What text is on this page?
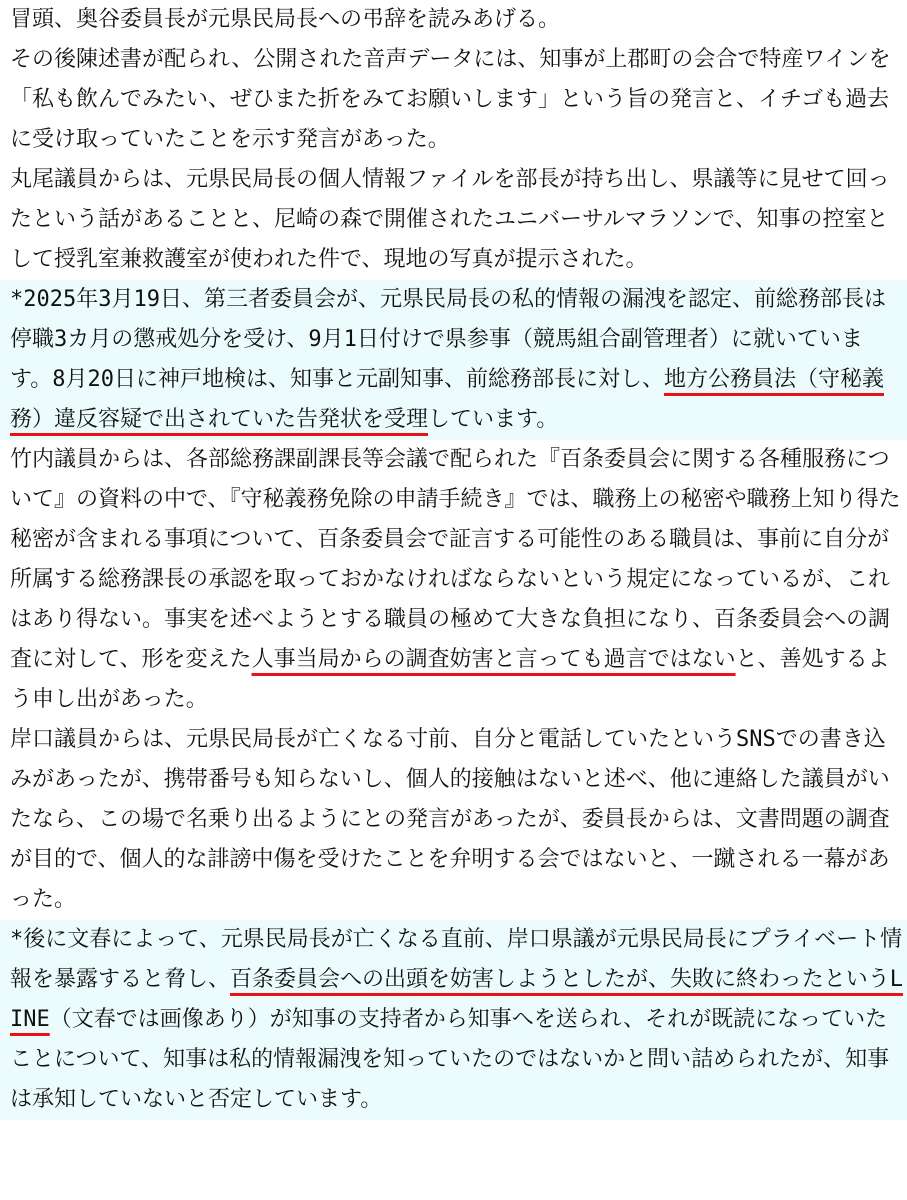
冒頭、奥谷委員長が元県民局長への弔辞を読みあげる。
その後陳述書が配られ、公開された音声データには、知事が上郡町の会合で特産ワインを「私も飲んでみたい、ぜひまた折をみてお願いします」という旨の発言と、イチゴも過去に受け取っていたことを示す発言があった。
丸尾議員からは、元県民局長の個人情報ファイルを部長が持ち出し、県議等に見せて回ったという話があることと、尼崎の森で開催されたユニバーサルマラソンで、知事の控室として授乳室兼救護室が使われた件で、現地の写真が提示された。
*2025年3月19日、第三者委員会が、元県民局長の私的情報の漏洩を認定、前総務部長は停職3カ月の懲戒処分を受け、9月1日付けで県参事（競馬組合副管理者）に就いています。8月20日に神戸地検は、知事と元副知事、前総務部長に対し、地方公務員法（守秘義務）違反容疑で出されていた告発状を受理しています。
竹内議員からは、各部総務課副課長等会議で配られた『百条委員会に関する各種服務について』の資料の中で、『守秘義務免除の申請手続き』では、職務上の秘密や職務上知り得た秘密が含まれる事項について、百条委員会で証言する可能性のある職員は、事前に自分が所属する総務課長の承認を取っておかなければならないという規定になっているが、これはあり得ない。事実を述べようとする職員の極めて大きな負担になり、百条委員会への調査に対して、形を変えた人事当局からの調査妨害と言っても過言ではないと、善処するよう申し出があった。
岸口議員からは、元県民局長が亡くなる寸前、自分と電話していたというSNSでの書き込みがあったが、携帯番号も知らないし、個人的接触はないと述べ、他に連絡した議員がいたなら、この場で名乗り出るようにとの発言があったが、委員長からは、文書問題の調査が目的で、個人的な誹謗中傷を受けたことを弁明する会ではないと、一蹴される一幕があった。
*後に文春によって、元県民局長が亡くなる直前、岸口県議が元県民局長にプライベート情報を暴露すると脅し、百条委員会への出頭を妨害しようとしたが、失敗に終わったというLINE（文春では画像あり）が知事の支持者から知事へを送られ、それが既読になっていたことについて、知事は私的情報漏洩を知っていたのではないかと問い詰められたが、知事は承知していないと否定しています。
